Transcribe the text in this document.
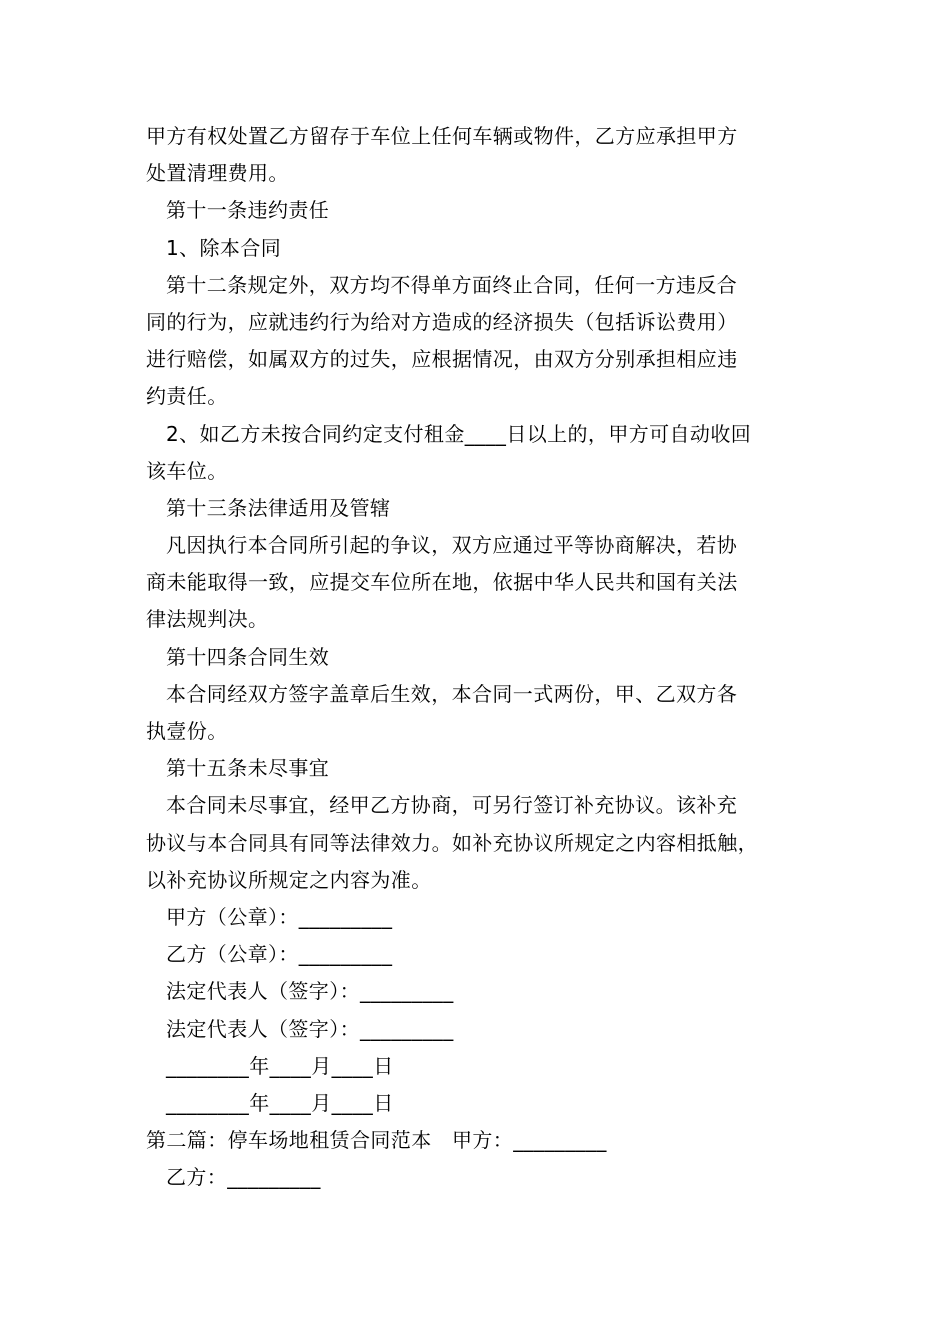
甲方有权处置乙方留存于车位上任何车辆或物件，乙方应承担甲方
处置清理费用。
第十一条违约责任
1、除本合同
第十二条规定外，双方均不得单方面终止合同，任何一方违反合
同的行为，应就违约行为给对方造成的经济损失（包括诉讼费用）
进行赔偿，如属双方的过失，应根据情况，由双方分别承担相应违
约责任。
2、如乙方未按合同约定支付租金____日以上的，甲方可自动收回
该车位。
第十三条法律适用及管辖
凡因执行本合同所引起的争议，双方应通过平等协商解决，若协
商未能取得一致，应提交车位所在地，依据中华人民共和国有关法
律法规判决。
第十四条合同生效
本合同经双方签字盖章后生效，本合同一式两份，甲、乙双方各
执壹份。
第十五条未尽事宜
本合同未尽事宜，经甲乙方协商，可另行签订补充协议。该补充
协议与本合同具有同等法律效力。如补充协议所规定之内容相抵触，
以补充协议所规定之内容为准。
甲方（公章）：_________
乙方（公章）：_________
法定代表人（签字）：_________
法定代表人（签字）：_________
________年____月____日
________年____月____日
第二篇：停车场地租赁合同范本　甲方：_________
乙方：_________
